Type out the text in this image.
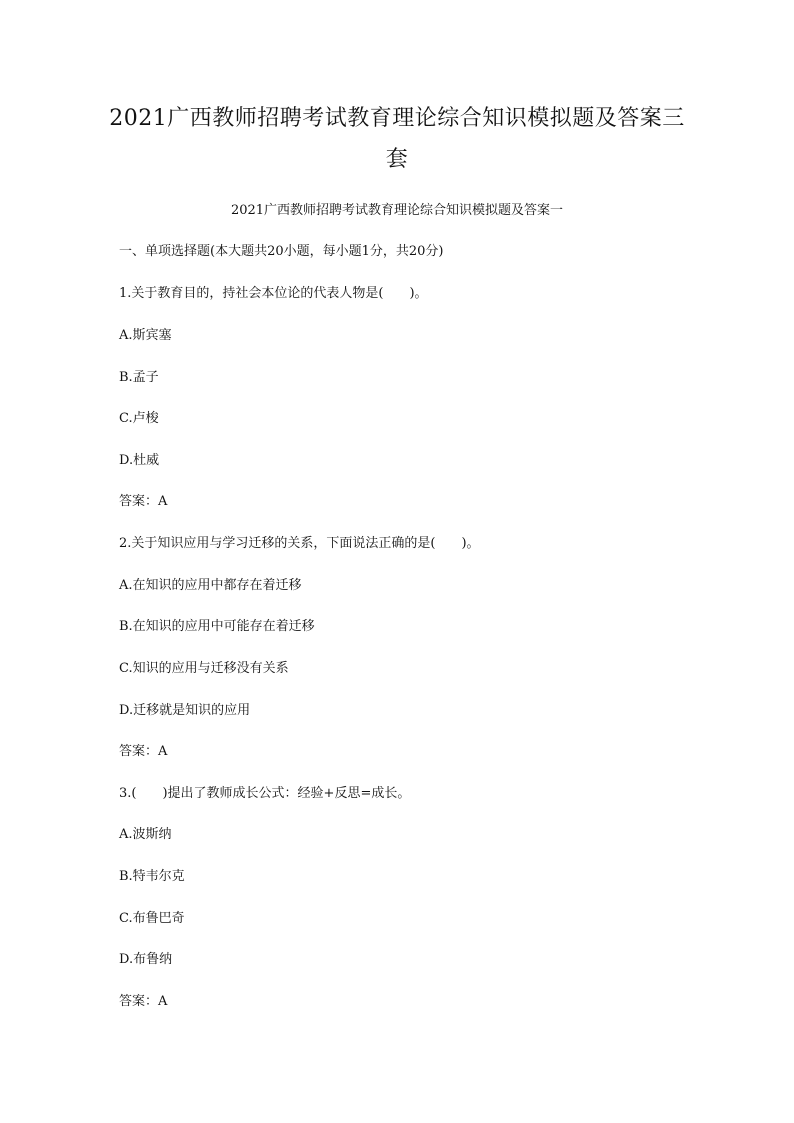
2021广西教师招聘考试教育理论综合知识模拟题及答案三
套
2021广西教师招聘考试教育理论综合知识模拟题及答案一
一、单项选择题(本大题共20小题，每小题1分，共20分)
1.关于教育目的，持社会本位论的代表人物是(　　)。
A.斯宾塞
B.孟子
C.卢梭
D.杜威
答案：A
2.关于知识应用与学习迁移的关系，下面说法正确的是(　　)。
A.在知识的应用中都存在着迁移
B.在知识的应用中可能存在着迁移
C.知识的应用与迁移没有关系
D.迁移就是知识的应用
答案：A
3.(　　)提出了教师成长公式：经验+反思=成长。
A.波斯纳
B.特韦尔克
C.布鲁巴奇
D.布鲁纳
答案：A
